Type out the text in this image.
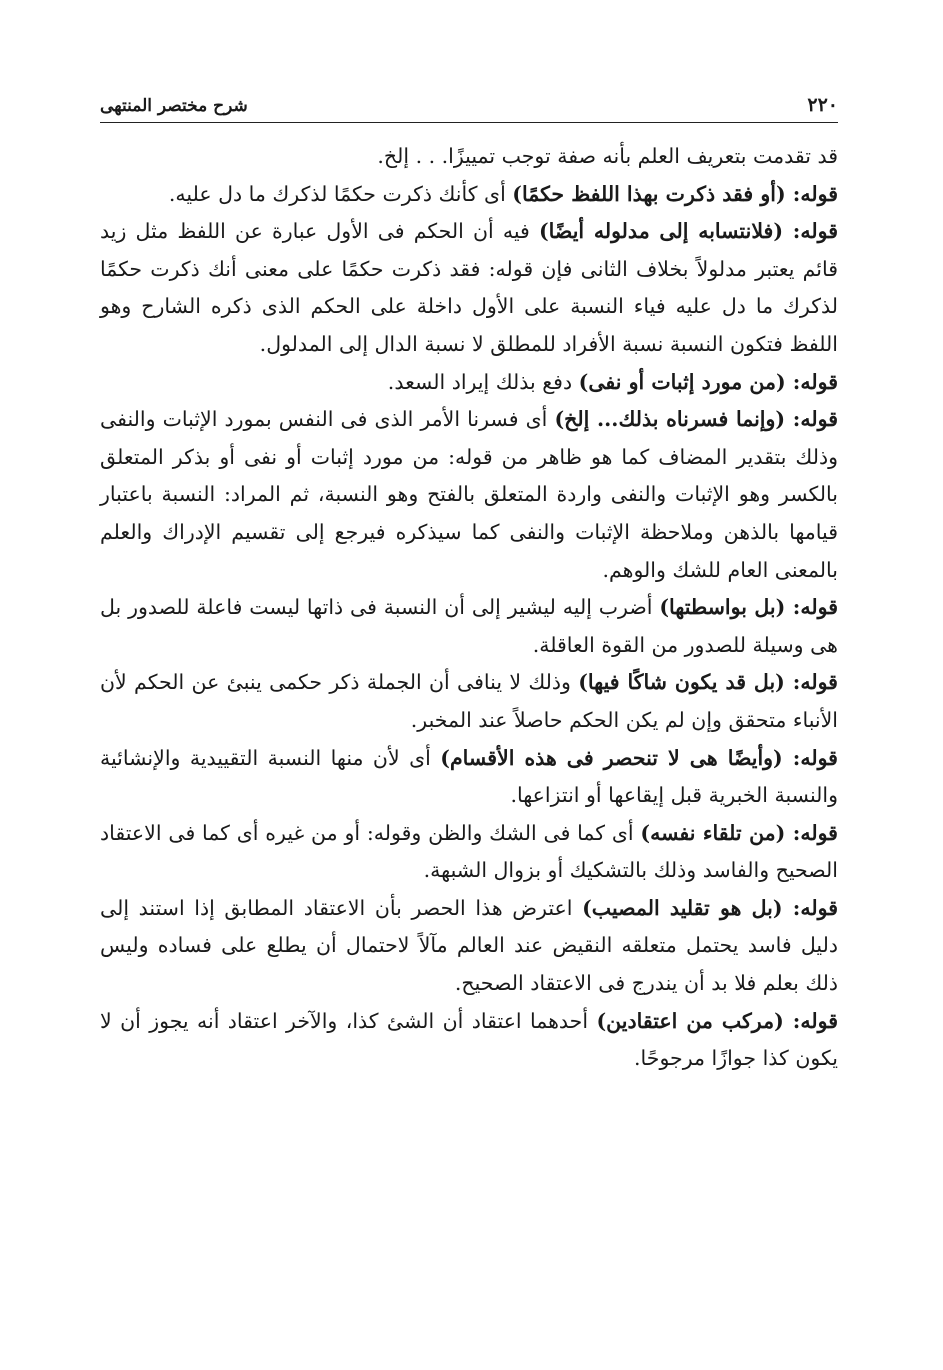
٢٢٠
شرح مختصر المنتهى

قد تقدمت بتعريف العلم بأنه صفة توجب تمييزًا. . . إلخ.

قوله: (أو فقد ذكرت بهذا اللفظ حكمًا) أى كأنك ذكرت حكمًا لذكرك ما دل عليه.

قوله: (فلانتسابه إلى مدلوله أيضًا) فيه أن الحكم فى الأول عبارة عن اللفظ مثل زيد قائم يعتبر مدلولاً بخلاف الثانى فإن قوله: فقد ذكرت حكمًا على معنى أنك ذكرت حكمًا لذكرك ما دل عليه فياء النسبة على الأول داخلة على الحكم الذى ذكره الشارح وهو اللفظ فتكون النسبة نسبة الأفراد للمطلق لا نسبة الدال إلى المدلول.

قوله: (من مورد إثبات أو نفى) دفع بذلك إيراد السعد.

قوله: (وإنما فسرناه بذلك... إلخ) أى فسرنا الأمر الذى فى النفس بمورد الإثبات والنفى وذلك بتقدير المضاف كما هو ظاهر من قوله: من مورد إثبات أو نفى أو بذكر المتعلق بالكسر وهو الإثبات والنفى واردة المتعلق بالفتح وهو النسبة، ثم المراد: النسبة باعتبار قيامها بالذهن وملاحظة الإثبات والنفى كما سيذكره فيرجع إلى تقسيم الإدراك والعلم بالمعنى العام للشك والوهم.

قوله: (بل بواسطتها) أضرب إليه ليشير إلى أن النسبة فى ذاتها ليست فاعلة للصدور بل هى وسيلة للصدور من القوة العاقلة.

قوله: (بل قد يكون شاكًا فيها) وذلك لا ينافى أن الجملة ذكر حكمى ينبئ عن الحكم لأن الأنباء متحقق وإن لم يكن الحكم حاصلاً عند المخبر.

قوله: (وأيضًا هى لا تنحصر فى هذه الأقسام) أى لأن منها النسبة التقييدية والإنشائية والنسبة الخبرية قبل إيقاعها أو انتزاعها.

قوله: (من تلقاء نفسه) أى كما فى الشك والظن وقوله: أو من غيره أى كما فى الاعتقاد الصحيح والفاسد وذلك بالتشكيك أو بزوال الشبهة.

قوله: (بل هو تقليد المصيب) اعترض هذا الحصر بأن الاعتقاد المطابق إذا استند إلى دليل فاسد يحتمل متعلقه النقيض عند العالم مآلاً لاحتمال أن يطلع على فساده وليس ذلك بعلم فلا بد أن يندرج فى الاعتقاد الصحيح.

قوله: (مركب من اعتقادين) أحدهما اعتقاد أن الشئ كذا، والآخر اعتقاد أنه يجوز أن لا يكون كذا جوازًا مرجوحًا.
